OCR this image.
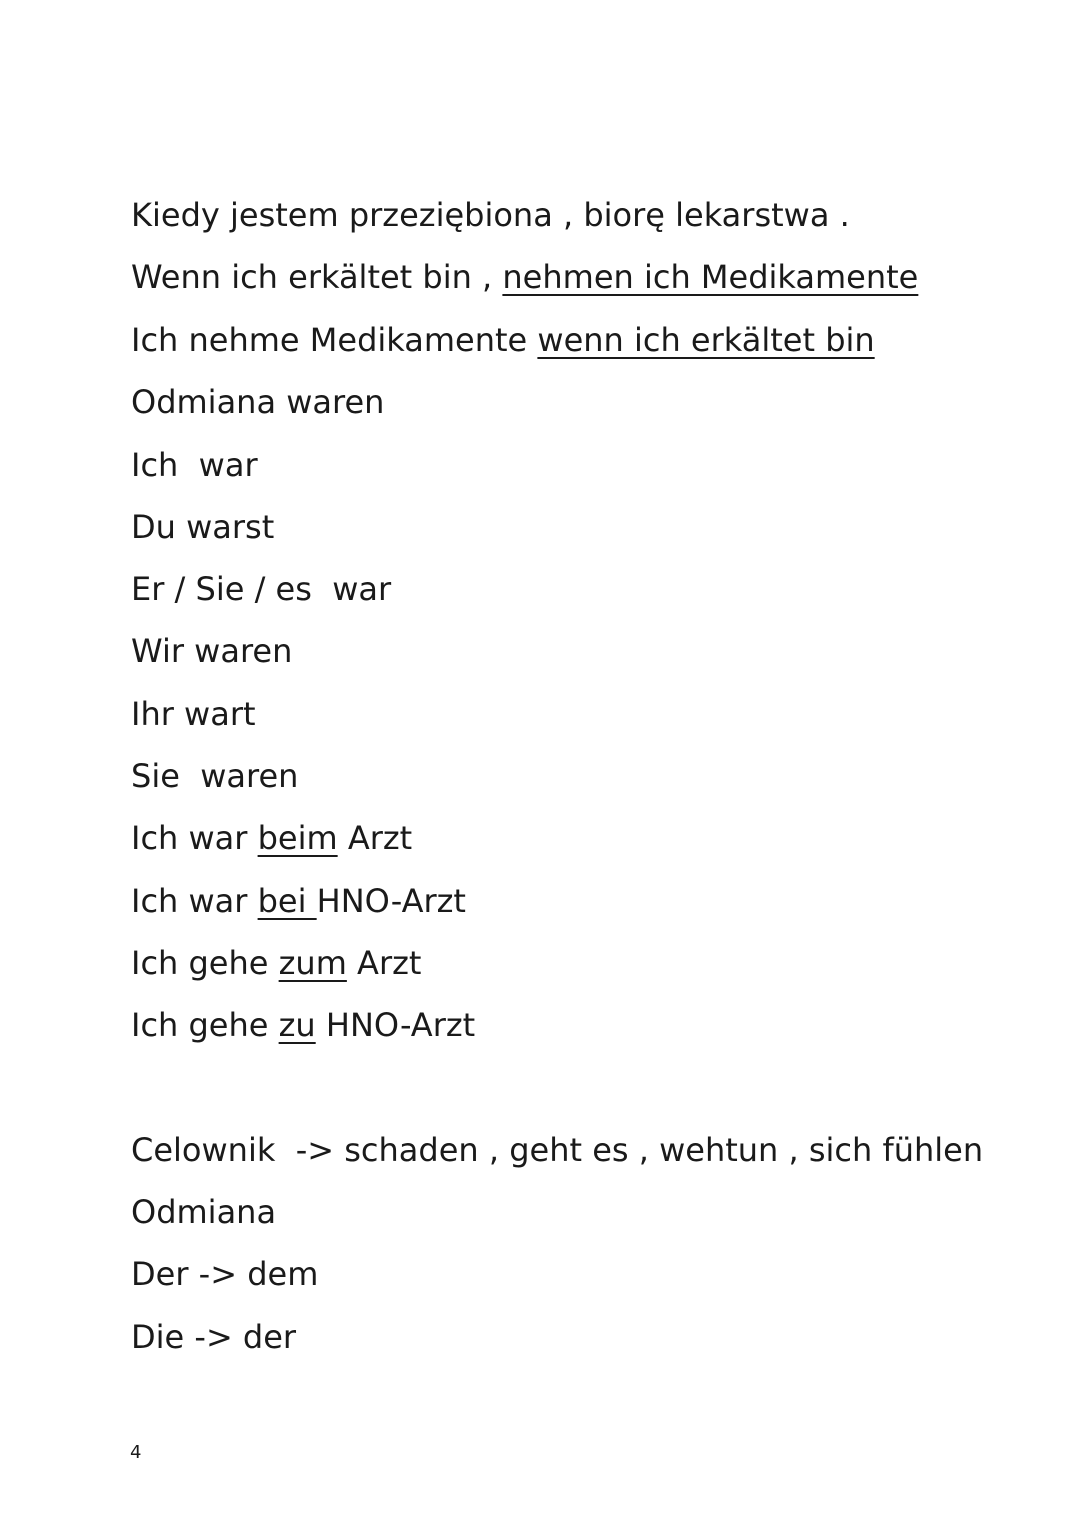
Kiedy jestem przeziębiona , biorę lekarstwa .
Wenn ich erkältet bin , nehmen ich Medikamente
Ich nehme Medikamente wenn ich erkältet bin
Odmiana waren
Ich  war
Du warst
Er / Sie / es  war
Wir waren
Ihr wart
Sie  waren
Ich war beim Arzt
Ich war bei HNO-Arzt
Ich gehe zum Arzt
Ich gehe zu HNO-Arzt
Celownik  -> schaden , geht es , wehtun , sich fühlen
Odmiana
Der -> dem
Die -> der
4
